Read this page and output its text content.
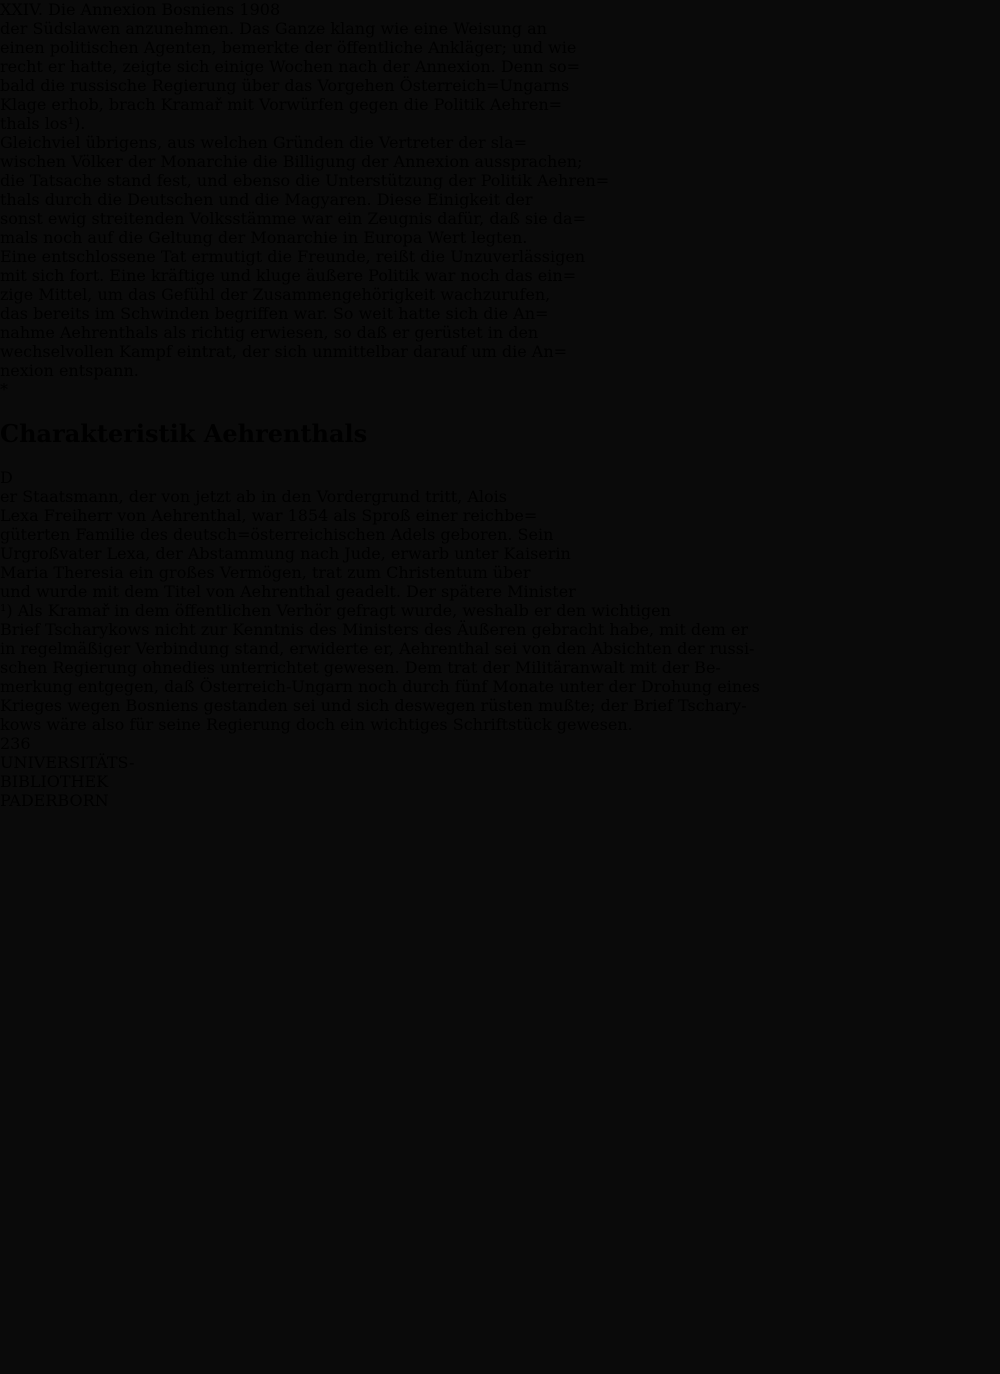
XXIV. Die Annexion Bosniens 1908
der Südslawen anzunehmen. Das Ganze klang wie eine Weisung an
einen politischen Agenten, bemerkte der öffentliche Ankläger; und wie
recht er hatte, zeigte sich einige Wochen nach der Annexion. Denn so=
bald die russische Regierung über das Vorgehen Österreich=Ungarns
Klage erhob, brach Kramař mit Vorwürfen gegen die Politik Aehren=
thals los¹).
Gleichviel übrigens, aus welchen Gründen die Vertreter der sla=
wischen Völker der Monarchie die Billigung der Annexion aussprachen;
die Tatsache stand fest, und ebenso die Unterstützung der Politik Aehren=
thals durch die Deutschen und die Magyaren. Diese Einigkeit der
sonst ewig streitenden Volksstämme war ein Zeugnis dafür, daß sie da=
mals noch auf die Geltung der Monarchie in Europa Wert legten.
Eine entschlossene Tat ermutigt die Freunde, reißt die Unzuverlässigen
mit sich fort. Eine kräftige und kluge äußere Politik war noch das ein=
zige Mittel, um das Gefühl der Zusammengehörigkeit wachzurufen,
das bereits im Schwinden begriffen war. So weit hatte sich die An=
nahme Aehrenthals als richtig erwiesen, so daß er gerüstet in den
wechselvollen Kampf eintrat, der sich unmittelbar darauf um die An=
nexion entspann.
*
Charakteristik Aehrenthals
D
er Staatsmann, der von jetzt ab in den Vordergrund tritt, Alois
Lexa Freiherr von Aehrenthal, war 1854 als Sproß einer reichbe=
güterten Familie des deutsch=österreichischen Adels geboren. Sein
Urgroßvater Lexa, der Abstammung nach Jude, erwarb unter Kaiserin
Maria Theresia ein großes Vermögen, trat zum Christentum über
und wurde mit dem Titel von Aehrenthal geadelt. Der spätere Minister
¹) Als Kramař in dem öffentlichen Verhör gefragt wurde, weshalb er den wichtigen
Brief Tscharykows nicht zur Kenntnis des Ministers des Äußeren gebracht habe, mit dem er
in regelmäßiger Verbindung stand, erwiderte er, Aehrenthal sei von den Absichten der russi-
schen Regierung ohnedies unterrichtet gewesen. Dem trat der Militäranwalt mit der Be-
merkung entgegen, daß Österreich-Ungarn noch durch fünf Monate unter der Drohung eines
Krieges wegen Bosniens gestanden sei und sich deswegen rüsten mußte; der Brief Tschary-
kows wäre also für seine Regierung doch ein wichtiges Schriftstück gewesen.
236
UNIVERSITÄTS-
BIBLIOTHEK
PADERBORN
